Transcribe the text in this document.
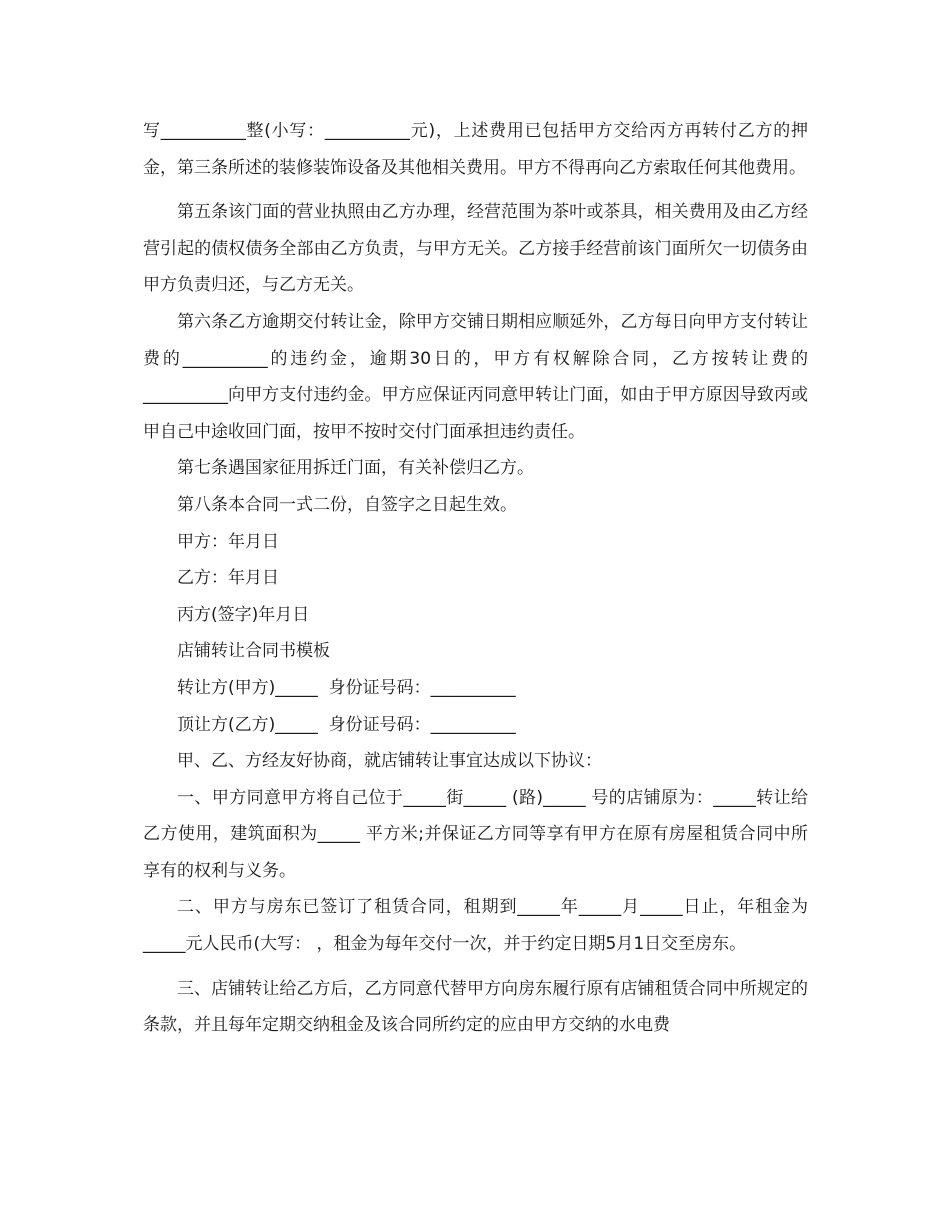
写__________整(小写：__________元)，上述费用已包括甲方交给丙方再转付乙方的押金，第三条所述的装修装饰设备及其他相关费用。甲方不得再向乙方索取任何其他费用。

第五条该门面的营业执照由乙方办理，经营范围为茶叶或茶具，相关费用及由乙方经营引起的债权债务全部由乙方负责，与甲方无关。乙方接手经营前该门面所欠一切债务由甲方负责归还，与乙方无关。

第六条乙方逾期交付转让金，除甲方交铺日期相应顺延外，乙方每日向甲方支付转让费的__________的违约金，逾期30日的，甲方有权解除合同，乙方按转让费的__________向甲方支付违约金。甲方应保证丙同意甲转让门面，如由于甲方原因导致丙或甲自己中途收回门面，按甲不按时交付门面承担违约责任。

第七条遇国家征用拆迁门面，有关补偿归乙方。

第八条本合同一式二份，自签字之日起生效。

甲方：年月日

乙方：年月日

丙方(签字)年月日

店铺转让合同书模板

转让方(甲方)_____  身份证号码：__________

顶让方(乙方)_____  身份证号码：__________

甲、乙、方经友好协商，就店铺转让事宜达成以下协议：

一、甲方同意甲方将自己位于_____街_____ (路)_____ 号的店铺原为：_____转让给乙方使用，建筑面积为_____ 平方米;并保证乙方同等享有甲方在原有房屋租赁合同中所享有的权利与义务。

二、甲方与房东已签订了租赁合同，租期到_____年_____月_____日止，年租金为_____元人民币(大写： ，租金为每年交付一次，并于约定日期5月1日交至房东。

三、店铺转让给乙方后，乙方同意代替甲方向房东履行原有店铺租赁合同中所规定的条款，并且每年定期交纳租金及该合同所约定的应由甲方交纳的水电费
